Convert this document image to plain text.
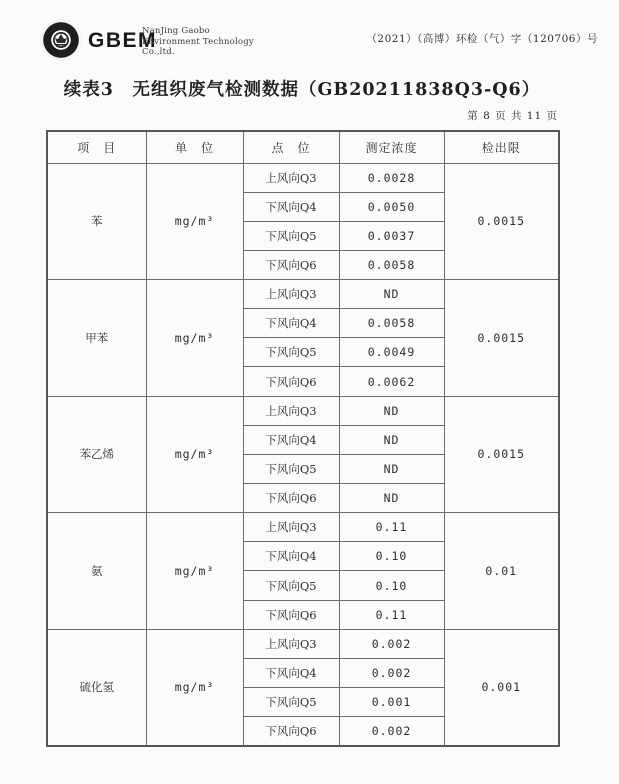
GBEM
NanJing Gaobo
Environment Technology
Co.,ltd.
（2021）（高博）环检（气）字（120706）号
续表3　无组织废气检测数据（GB20211838Q3-Q6）
第 8 页 共 11 页
项　目	单　位	点　位	测定浓度	检出限
苯	mg/m³	上风向Q3	0.0028	0.0015
		下风向Q4	0.0050	
		下风向Q5	0.0037	
		下风向Q6	0.0058	
甲苯	mg/m³	上风向Q3	ND	0.0015
		下风向Q4	0.0058	
		下风向Q5	0.0049	
		下风向Q6	0.0062	
苯乙烯	mg/m³	上风向Q3	ND	0.0015
		下风向Q4	ND	
		下风向Q5	ND	
		下风向Q6	ND	
氨	mg/m³	上风向Q3	0.11	0.01
		下风向Q4	0.10	
		下风向Q5	0.10	
		下风向Q6	0.11	
硫化氢	mg/m³	上风向Q3	0.002	0.001
		下风向Q4	0.002	
		下风向Q5	0.001	
		下风向Q6	0.002	
